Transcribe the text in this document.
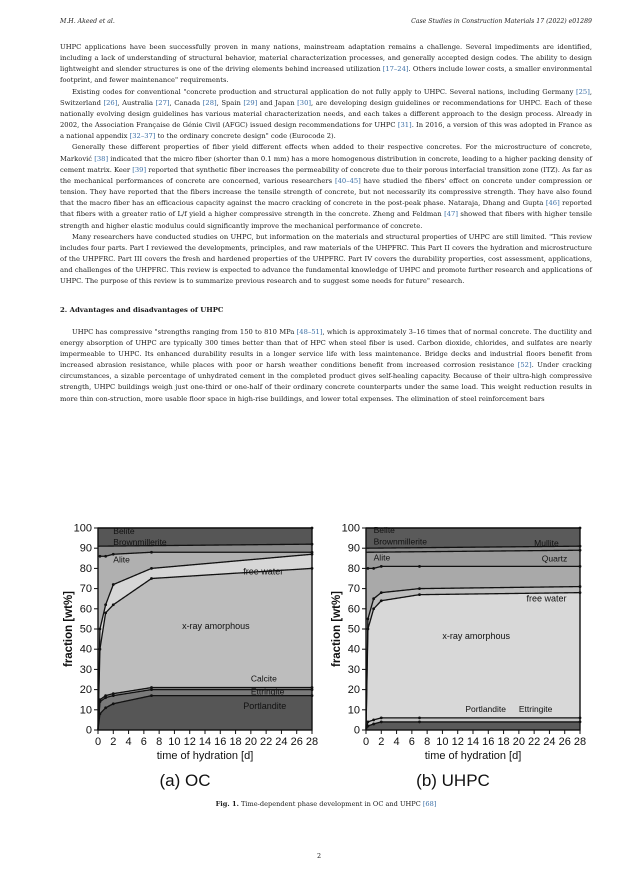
M.H. Akeed et al.	Case Studies in Construction Materials 17 (2022) e01289

UHPC applications have been successfully proven in many nations, mainstream adaptation remains a challenge. Several impediments are identified, including a lack of understanding of structural behavior, material characterization processes, and generally accepted design codes. The ability to design lightweight and slender structures is one of the driving elements behind increased utilization [17–24]. Others include lower costs, a smaller environmental footprint, and fewer maintenance" requirements.

Existing codes for conventional "concrete production and structural application do not fully apply to UHPC. Several nations, including Germany [25], Switzerland [26], Australia [27], Canada [28], Spain [29] and Japan [30], are developing design guidelines or recommendations for UHPC. Each of these nationally evolving design guidelines has various material characterization needs, and each takes a different approach to the design process. Already in 2002, the Association Française de Génie Civil (AFGC) issued design recommendations for UHPC [31]. In 2016, a version of this was adopted in France as a national appendix [32–37] to the ordinary concrete design" code (Eurocode 2).

Generally these different properties of fiber yield different effects when added to their respective concretes. For the microstructure of concrete, Marković [38] indicated that the micro fiber (shorter than 0.1 mm) has a more homogenous distribution in concrete, leading to a higher packing density of cement matrix. Keer [39] reported that synthetic fiber increases the permeability of concrete due to their porous interfacial transition zone (ITZ). As far as the mechanical performances of concrete are concerned, various researchers [40–45] have studied the fibers' effect on concrete under compression or tension. They have reported that the fibers increase the tensile strength of concrete, but not necessarily its compressive strength. They have also found that the macro fiber has an efficacious capacity against the macro cracking of concrete in the post-peak phase. Nataraja, Dhang and Gupta [46] reported that fibers with a greater ratio of L/f yield a higher compressive strength in the concrete. Zheng and Feldman [47] showed that fibers with higher tensile strength and higher elastic modulus could significantly improve the mechanical performance of concrete.

Many researchers have conducted studies on UHPC, but information on the materials and structural properties of UHPC are still limited. "This review includes four parts. Part I reviewed the developments, principles, and raw materials of the UHPFRC. This Part II covers the hydration and microstructure of the UHPFRC. Part III covers the fresh and hardened properties of the UHPFRC. Part IV covers the durability properties, cost assessment, applications, and challenges of the UHPFRC. This review is expected to advance the fundamental knowledge of UHPC and promote further research and applications of UHPC. The purpose of this review is to summarize previous research and to suggest some needs for future" research.

2. Advantages and disadvantages of UHPC

UHPC has compressive "strengths ranging from 150 to 810 MPa [48–51], which is approximately 3–16 times that of normal concrete. The ductility and energy absorption of UHPC are typically 300 times better than that of HPC when steel fiber is used. Carbon dioxide, chlorides, and sulfates are nearly impermeable to UHPC. Its enhanced durability results in a longer service life with less maintenance. Bridge decks and industrial floors benefit from increased abrasion resistance, while places with poor or harsh weather conditions benefit from increased corrosion resistance [52]. Under cracking circumstances, a sizable percentage of unhydrated cement in the completed product gives self-healing capacity. Because of their ultra-high compressive strength, UHPC buildings weigh just one-third or one-half of their ordinary concrete counterparts under the same load. This weight reduction results in more thin con-struction, more usable floor space in high-rise buildings, and lower total expenses. The elimination of steel reinforcement bars

0
10
20
30
40
50
60
70
80
90
100
0 2 4 6 8 10 12 14 16 18 20 22 24 26 28
time of hydration [d]
fraction [wt%]
Belite
Brownmillerite
Alite
free water
x-ray amorphous
Calcite
Ettringite
Portlandite
(a) OC
0
10
20
30
40
50
60
70
80
90
100
0 2 4 6 8 10 12 14 16 18 20 22 24 26 28
time of hydration [d]
fraction [wt%]
Belite
Brownmillerite	Mullite
Quartz
Alite
free water
x-ray amorphous
Portlandite Ettringite
(b) UHPC
Fig. 1. Time-dependent phase development in OC and UHPC [68]
2
